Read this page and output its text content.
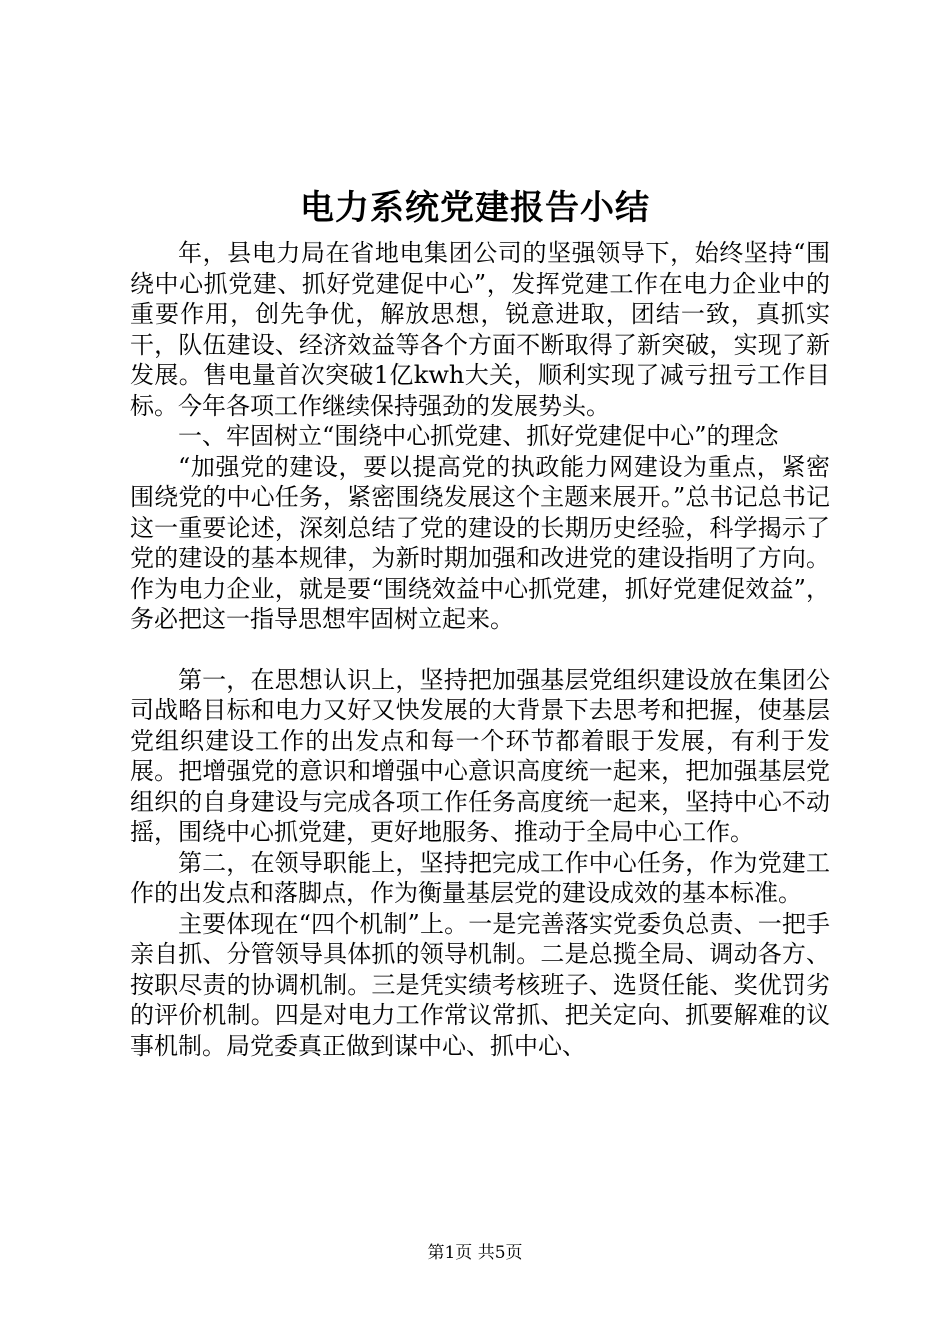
电力系统党建报告小结

年，县电力局在省地电集团公司的坚强领导下，始终坚持“围绕中心抓党建、抓好党建促中心”，发挥党建工作在电力企业中的重要作用，创先争优，解放思想，锐意进取，团结一致，真抓实干，队伍建设、经济效益等各个方面不断取得了新突破，实现了新发展。售电量首次突破1亿kwh大关，顺利实现了减亏扭亏工作目标。今年各项工作继续保持强劲的发展势头。

一、牢固树立“围绕中心抓党建、抓好党建促中心”的理念

“加强党的建设，要以提高党的执政能力网建设为重点，紧密围绕党的中心任务，紧密围绕发展这个主题来展开。”总书记总书记这一重要论述，深刻总结了党的建设的长期历史经验，科学揭示了党的建设的基本规律，为新时期加强和改进党的建设指明了方向。作为电力企业，就是要“围绕效益中心抓党建，抓好党建促效益”，务必把这一指导思想牢固树立起来。

第一，在思想认识上，坚持把加强基层党组织建设放在集团公司战略目标和电力又好又快发展的大背景下去思考和把握，使基层党组织建设工作的出发点和每一个环节都着眼于发展，有利于发展。把增强党的意识和增强中心意识高度统一起来，把加强基层党组织的自身建设与完成各项工作任务高度统一起来，坚持中心不动摇，围绕中心抓党建，更好地服务、推动于全局中心工作。

第二，在领导职能上，坚持把完成工作中心任务，作为党建工作的出发点和落脚点，作为衡量基层党的建设成效的基本标准。

主要体现在“四个机制”上。一是完善落实党委负总责、一把手亲自抓、分管领导具体抓的领导机制。二是总揽全局、调动各方、按职尽责的协调机制。三是凭实绩考核班子、选贤任能、奖优罚劣的评价机制。四是对电力工作常议常抓、把关定向、抓要解难的议事机制。局党委真正做到谋中心、抓中心、

第1页 共5页
